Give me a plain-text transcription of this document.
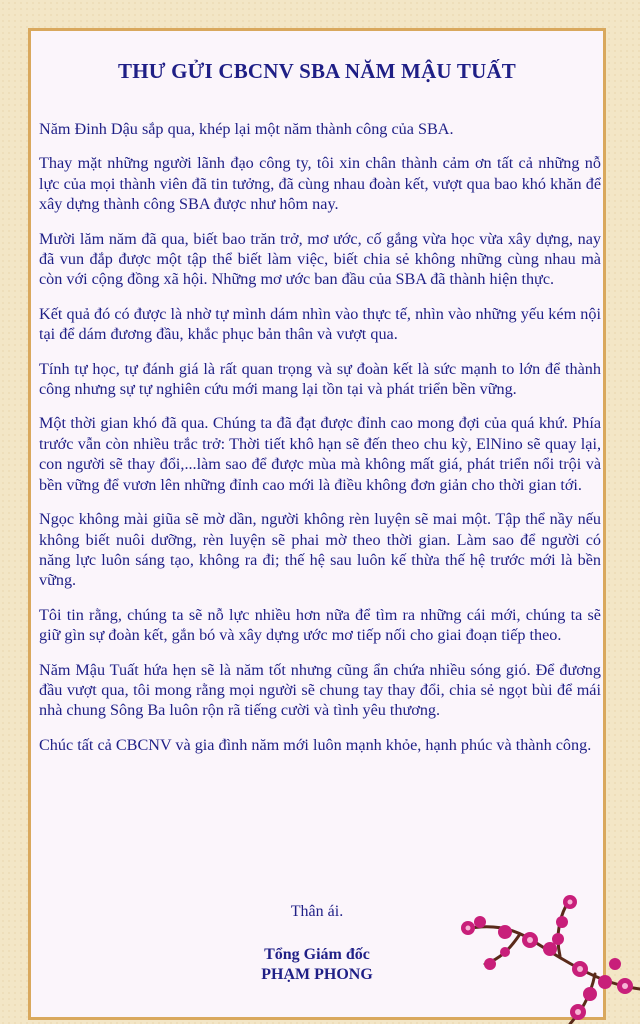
THƯ GỬI CBCNV SBA NĂM MẬU TUẤT

Năm Đinh Dậu sắp qua, khép lại một năm thành công của SBA.

Thay mặt những người lãnh đạo công ty, tôi xin chân thành cảm ơn tất cả những nỗ lực của mọi thành viên đã tin tưởng, đã cùng nhau đoàn kết, vượt qua bao khó khăn để xây dựng thành công SBA được như hôm nay.

Mười lăm năm đã qua, biết bao trăn trở, mơ ước, cố gắng vừa học vừa xây dựng, nay đã vun đắp được một tập thể biết làm việc, biết chia sẻ không những cùng nhau mà còn với cộng đồng xã hội. Những mơ ước ban đầu của SBA đã thành hiện thực.

Kết quả đó có được là nhờ tự mình dám nhìn vào thực tế, nhìn vào những yếu kém nội tại để dám đương đầu, khắc phục bản thân và vượt qua.

Tính tự học, tự đánh giá là rất quan trọng và sự đoàn kết là sức mạnh to lớn để thành công nhưng sự tự nghiên cứu mới mang lại tồn tại và phát triển bền vững.

Một thời gian khó đã qua. Chúng ta đã đạt được đỉnh cao mong đợi của quá khứ. Phía trước vẫn còn nhiều trắc trở: Thời tiết khô hạn sẽ đến theo chu kỳ, ElNino sẽ quay lại, con người sẽ thay đổi,...làm sao để được mùa mà không mất giá, phát triển nổi trội và bền vững để vươn lên những đỉnh cao mới là điều không đơn giản cho thời gian tới.

Ngọc không mài giũa sẽ mờ dần, người không rèn luyện sẽ mai một. Tập thể nầy nếu không biết nuôi dưỡng, rèn luyện sẽ phai mờ theo thời gian. Làm sao để người có năng lực luôn sáng tạo, không ra đi; thế hệ sau luôn kế thừa thế hệ trước mới là bền vững.

Tôi tin rằng, chúng ta sẽ nỗ lực nhiều hơn nữa để tìm ra những cái mới, chúng ta sẽ giữ gìn sự đoàn kết, gắn bó và xây dựng ước mơ tiếp nối cho giai đoạn tiếp theo.

Năm Mậu Tuất hứa hẹn sẽ là năm tốt nhưng cũng ẩn chứa nhiều sóng gió. Để đương đầu vượt qua, tôi mong rằng mọi người sẽ chung tay thay đổi, chia sẻ ngọt bùi để mái nhà chung Sông Ba luôn rộn rã tiếng cười và tình yêu thương.

Chúc tất cả CBCNV và gia đình năm mới luôn mạnh khỏe, hạnh phúc và thành công.

Thân ái.
Tổng Giám đốc
PHẠM PHONG
